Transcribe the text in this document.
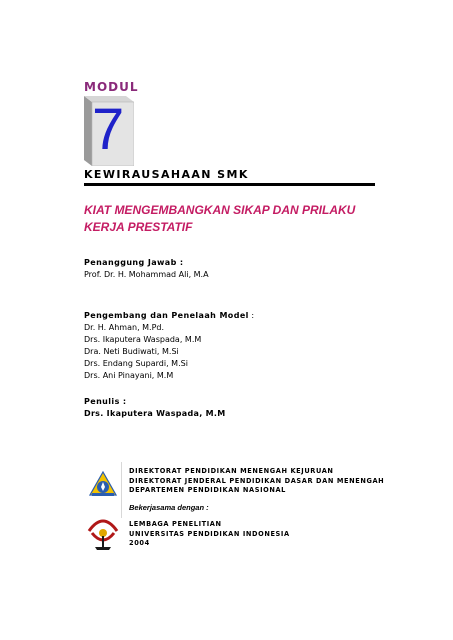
MODUL
7
KEWIRAUSAHAAN SMK
KIAT MENGEMBANGKAN SIKAP DAN PRILAKU
KERJA PRESTATIF
Penanggung Jawab :
Prof. Dr. H. Mohammad Ali, M.A
Pengembang dan Penelaah Model :
Dr. H. Ahman, M.Pd.
Drs. Ikaputera Waspada, M.M
Dra. Neti Budiwati, M.Si
Drs. Endang Supardi, M.Si
Drs. Ani Pinayani, M.M
Penulis :
Drs. Ikaputera Waspada, M.M
DIREKTORAT PENDIDIKAN MENENGAH KEJURUAN
DIREKTORAT JENDERAL PENDIDIKAN DASAR DAN MENENGAH
DEPARTEMEN PENDIDIKAN NASIONAL
Bekerjasama dengan :
LEMBAGA PENELITIAN
UNIVERSITAS PENDIDIKAN INDONESIA
2004
